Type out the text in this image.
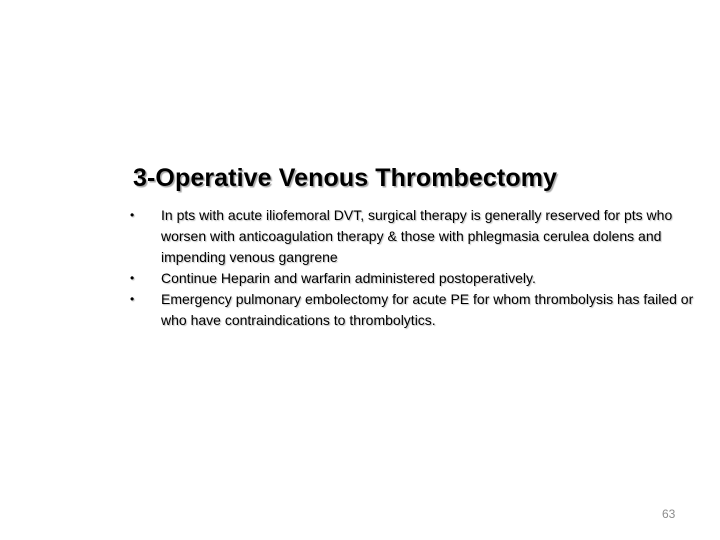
3-Operative Venous Thrombectomy
• In pts with acute iliofemoral DVT, surgical therapy is generally reserved for pts who worsen with anticoagulation therapy & those with phlegmasia cerulea dolens and impending venous gangrene
• Continue Heparin and warfarin administered postoperatively.
• Emergency pulmonary embolectomy for acute PE for whom thrombolysis has failed or who have contraindications to thrombolytics.
63
